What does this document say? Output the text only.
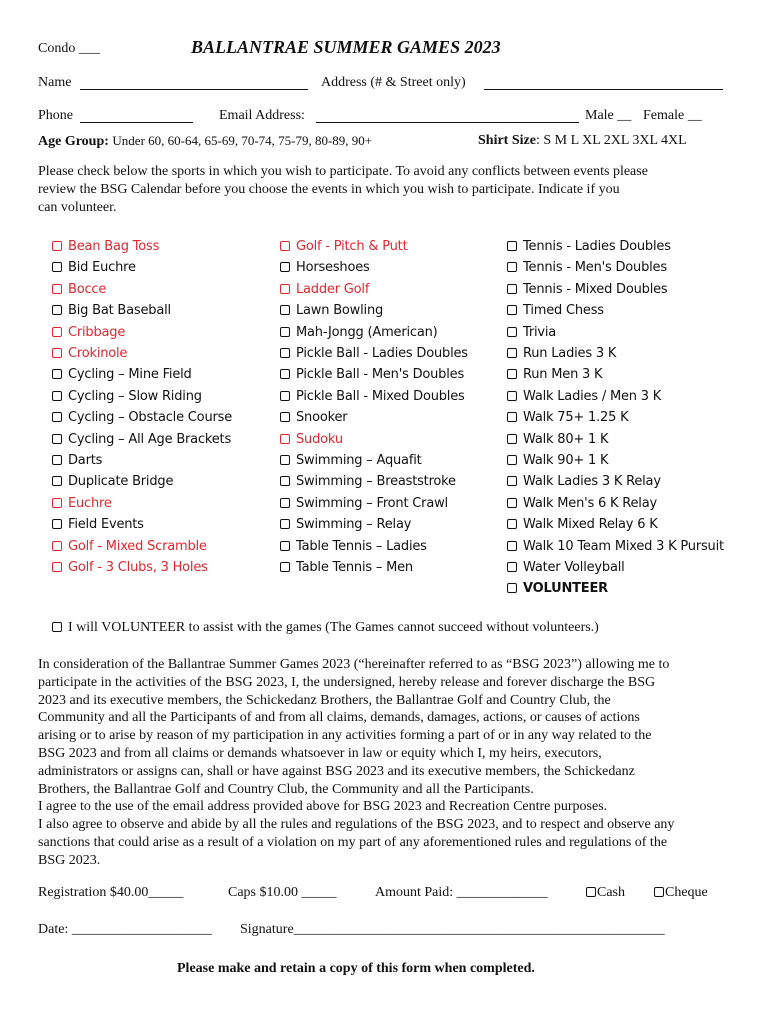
Condo ___	BALLANTRAE SUMMER GAMES 2023
Name	Address (# & Street only)
Phone	Email Address:	Male __ Female __
Age Group: Under 60, 60-64, 65-69, 70-74, 75-79, 80-89, 90+	Shirt Size: S M L XL 2XL 3XL 4XL
Please check below the sports in which you wish to participate. To avoid any conflicts between events please
review the BSG Calendar before you choose the events in which you wish to participate. Indicate if you
can volunteer.
Bean Bag Toss
Bid Euchre
Bocce
Big Bat Baseball
Cribbage
Crokinole
Cycling – Mine Field
Cycling – Slow Riding
Cycling – Obstacle Course
Cycling – All Age Brackets
Darts
Duplicate Bridge
Euchre
Field Events
Golf - Mixed Scramble
Golf - 3 Clubs, 3 Holes
Golf - Pitch & Putt
Horseshoes
Ladder Golf
Lawn Bowling
Mah-Jongg (American)
Pickle Ball - Ladies Doubles
Pickle Ball - Men's Doubles
Pickle Ball - Mixed Doubles
Snooker
Sudoku
Swimming – Aquafit
Swimming – Breaststroke
Swimming – Front Crawl
Swimming – Relay
Table Tennis – Ladies
Table Tennis – Men
Tennis - Ladies Doubles
Tennis - Men's Doubles
Tennis - Mixed Doubles
Timed Chess
Trivia
Run Ladies 3 K
Run Men 3 K
Walk Ladies / Men 3 K
Walk 75+ 1.25 K
Walk 80+ 1 K
Walk 90+ 1 K
Walk Ladies 3 K Relay
Walk Men's 6 K Relay
Walk Mixed Relay 6 K
Walk 10 Team Mixed 3 K Pursuit
Water Volleyball
VOLUNTEER
I will VOLUNTEER to assist with the games (The Games cannot succeed without volunteers.)
In consideration of the Ballantrae Summer Games 2023 (“hereinafter referred to as “BSG 2023”) allowing me to
participate in the activities of the BSG 2023, I, the undersigned, hereby release and forever discharge the BSG
2023 and its executive members, the Schickedanz Brothers, the Ballantrae Golf and Country Club, the
Community and all the Participants of and from all claims, demands, damages, actions, or causes of actions
arising or to arise by reason of my participation in any activities forming a part of or in any way related to the
BSG 2023 and from all claims or demands whatsoever in law or equity which I, my heirs, executors,
administrators or assigns can, shall or have against BSG 2023 and its executive members, the Schickedanz
Brothers, the Ballantrae Golf and Country Club, the Community and all the Participants.
I agree to the use of the email address provided above for BSG 2023 and Recreation Centre purposes.
I also agree to observe and abide by all the rules and regulations of the BSG 2023, and to respect and observe any
sanctions that could arise as a result of a violation on my part of any aforementioned rules and regulations of the
BSG 2023.
Registration $40.00_____	Caps $10.00 _____	Amount Paid: _____________	Cash	Cheque
Date: ____________________ Signature_____________________________________________________
Please make and retain a copy of this form when completed.
